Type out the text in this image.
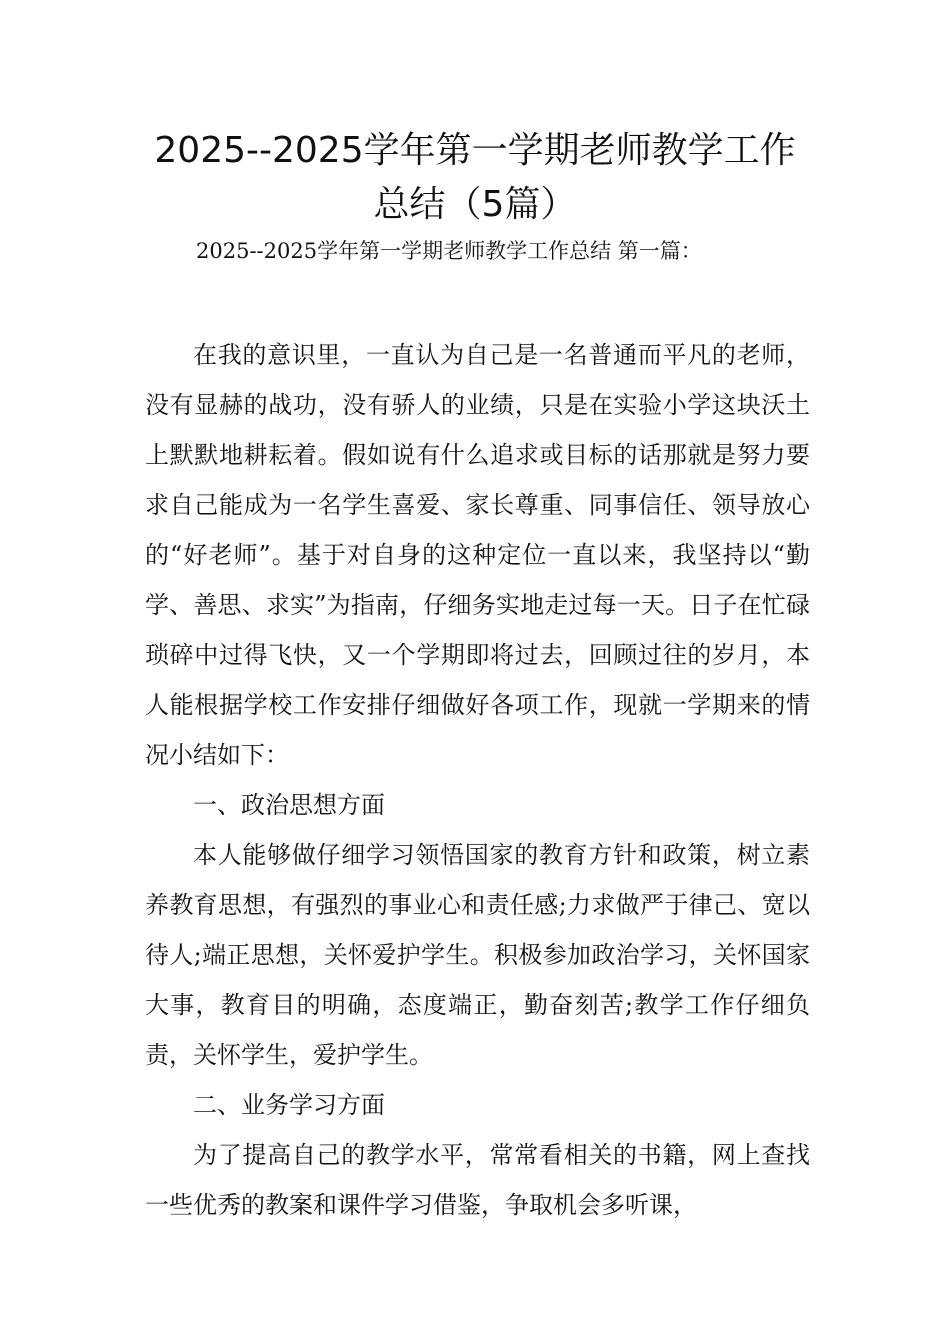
2025--2025学年第一学期老师教学工作总结（5篇）

2025--2025学年第一学期老师教学工作总结 第一篇：

在我的意识里，一直认为自己是一名普通而平凡的老师，没有显赫的战功，没有骄人的业绩，只是在实验小学这块沃土上默默地耕耘着。假如说有什么追求或目标的话那就是努力要求自己能成为一名学生喜爱、家长尊重、同事信任、领导放心的“好老师”。基于对自身的这种定位一直以来，我坚持以“勤学、善思、求实”为指南，仔细务实地走过每一天。日子在忙碌琐碎中过得飞快，又一个学期即将过去，回顾过往的岁月，本人能根据学校工作安排仔细做好各项工作，现就一学期来的情况小结如下：

一、政治思想方面

本人能够做仔细学习领悟国家的教育方针和政策，树立素养教育思想，有强烈的事业心和责任感;力求做严于律己、宽以待人;端正思想，关怀爱护学生。积极参加政治学习，关怀国家大事，教育目的明确，态度端正，勤奋刻苦;教学工作仔细负责，关怀学生，爱护学生。

二、业务学习方面

为了提高自己的教学水平，常常看相关的书籍，网上查找一些优秀的教案和课件学习借鉴，争取机会多听课，
